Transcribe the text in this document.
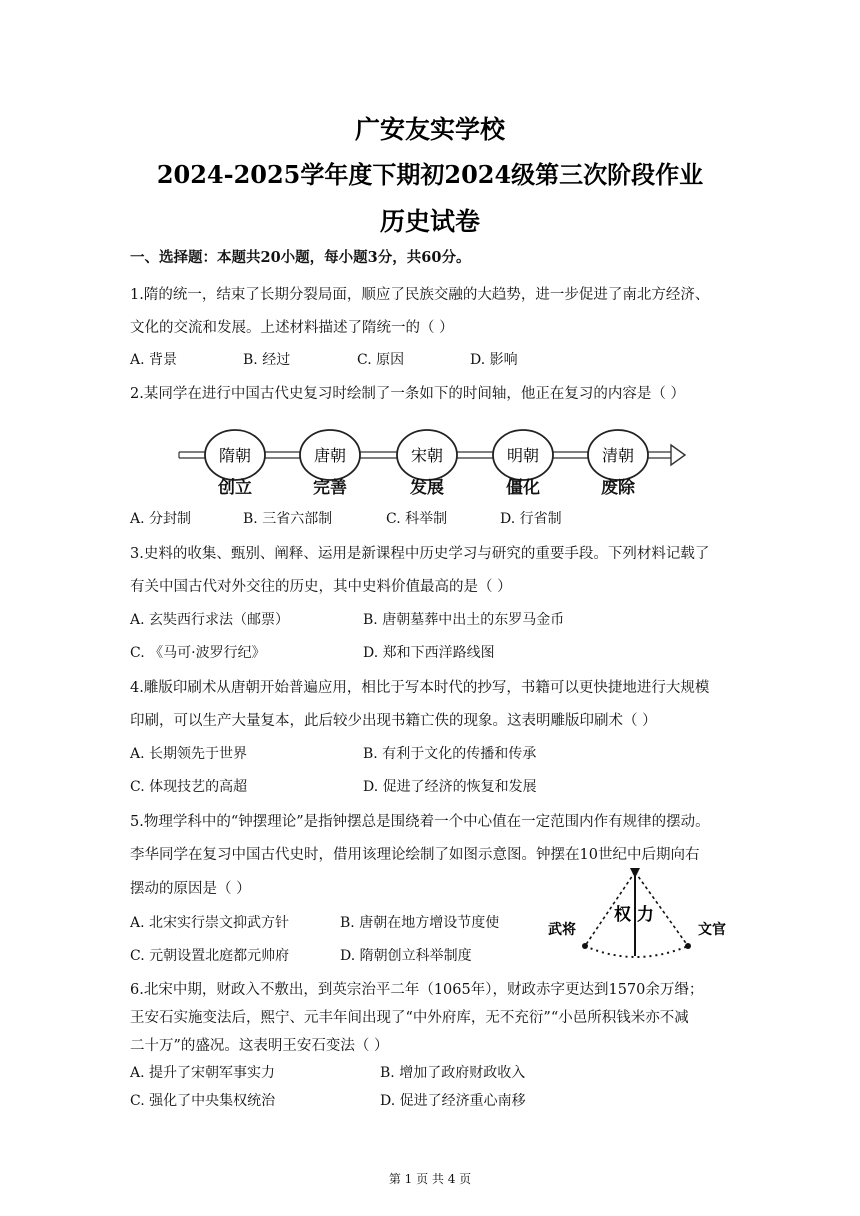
广安友实学校
2024-2025学年度下期初2024级第三次阶段作业
历史试卷
一、选择题：本题共20小题，每小题3分，共60分。
1.隋的统一，结束了长期分裂局面，顺应了民族交融的大趋势，进一步促进了南北方经济、
文化的交流和发展。上述材料描述了隋统一的（ ）
A. 背景	B. 经过	C. 原因	D. 影响
2.某同学在进行中国古代史复习时绘制了一条如下的时间轴，他正在复习的内容是（ ）
隋朝	唐朝	宋朝	明朝	清朝
创立	完善	发展	僵化	废除
A. 分封制	B. 三省六部制	C. 科举制	D. 行省制
3.史料的收集、甄别、阐释、运用是新课程中历史学习与研究的重要手段。下列材料记载了
有关中国古代对外交往的历史，其中史料价值最高的是（ ）
A. 玄奘西行求法（邮票）	B. 唐朝墓葬中出土的东罗马金币
C. 《马可·波罗行纪》	D. 郑和下西洋路线图
4.雕版印刷术从唐朝开始普遍应用，相比于写本时代的抄写，书籍可以更快捷地进行大规模
印刷，可以生产大量复本，此后较少出现书籍亡佚的现象。这表明雕版印刷术（ ）
A. 长期领先于世界	B. 有利于文化的传播和传承
C. 体现技艺的高超	D. 促进了经济的恢复和发展
5.物理学科中的“钟摆理论”是指钟摆总是围绕着一个中心值在一定范围内作有规律的摆动。
李华同学在复习中国古代史时，借用该理论绘制了如图示意图。钟摆在10世纪中后期向右
摆动的原因是（ ）
A. 北宋实行崇文抑武方针	B. 唐朝在地方增设节度使
C. 元朝设置北庭都元帅府	D. 隋朝创立科举制度
武将
权 力
文官
6.北宋中期，财政入不敷出，到英宗治平二年（1065年），财政赤字更达到1570余万缗；
王安石实施变法后，熙宁、元丰年间出现了“中外府库，无不充衍”“小邑所积钱米亦不减
二十万”的盛况。这表明王安石变法（ ）
A. 提升了宋朝军事实力	B. 增加了政府财政收入
C. 强化了中央集权统治	D. 促进了经济重心南移
第 1 页 共 4 页
